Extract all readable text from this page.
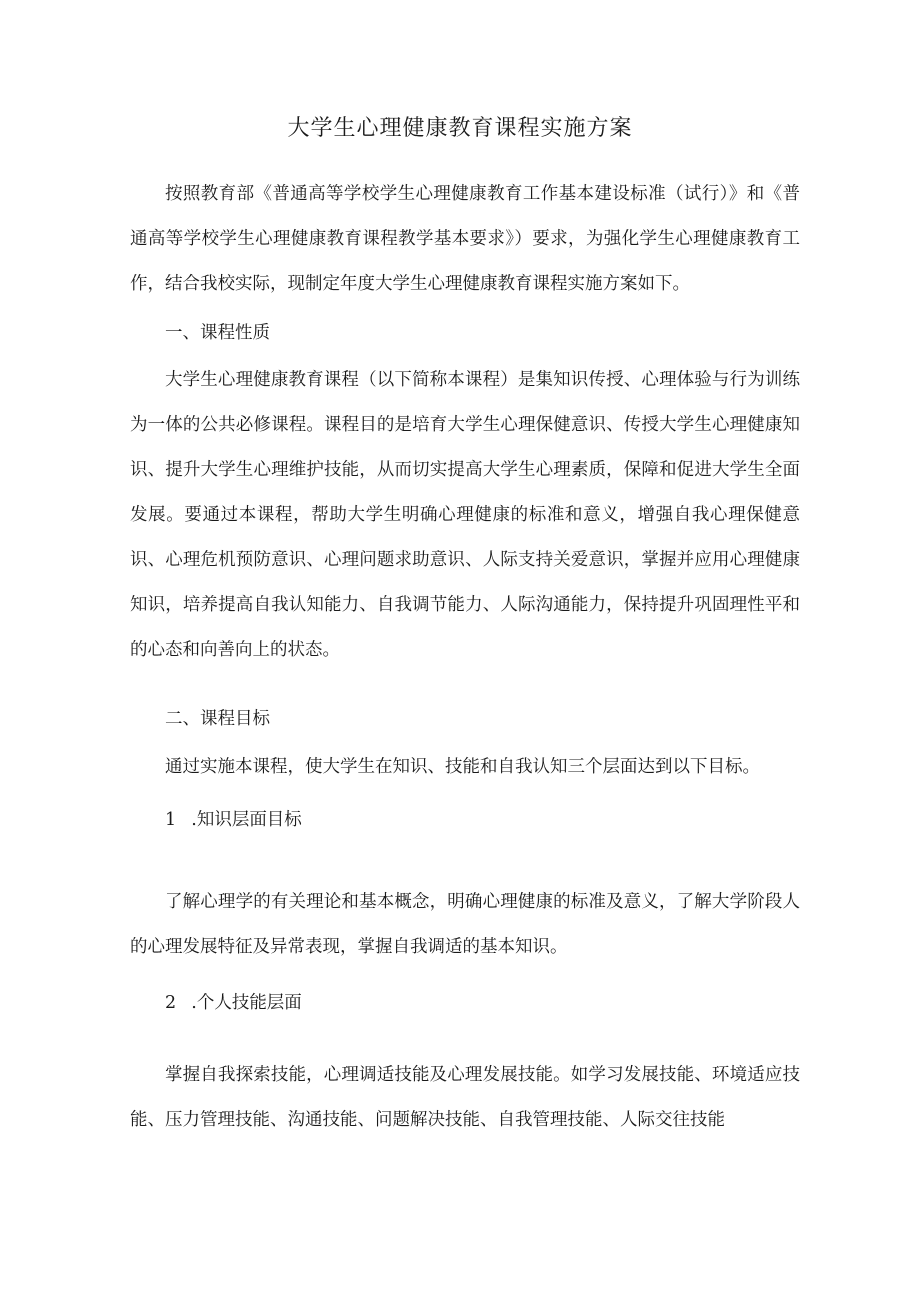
大学生心理健康教育课程实施方案
按照教育部《普通高等学校学生心理健康教育工作基本建设标准（试行）》和《普通高等学校学生心理健康教育课程教学基本要求》）要求，为强化学生心理健康教育工作，结合我校实际，现制定年度大学生心理健康教育课程实施方案如下。
一、课程性质
大学生心理健康教育课程（以下简称本课程）是集知识传授、心理体验与行为训练为一体的公共必修课程。课程目的是培育大学生心理保健意识、传授大学生心理健康知识、提升大学生心理维护技能，从而切实提高大学生心理素质，保障和促进大学生全面发展。要通过本课程，帮助大学生明确心理健康的标准和意义，增强自我心理保健意识、心理危机预防意识、心理问题求助意识、人际支持关爱意识，掌握并应用心理健康知识，培养提高自我认知能力、自我调节能力、人际沟通能力，保持提升巩固理性平和的心态和向善向上的状态。
二、课程目标
通过实施本课程，使大学生在知识、技能和自我认知三个层面达到以下目标。
1 .知识层面目标
了解心理学的有关理论和基本概念，明确心理健康的标准及意义，了解大学阶段人的心理发展特征及异常表现，掌握自我调适的基本知识。
2 .个人技能层面
掌握自我探索技能，心理调适技能及心理发展技能。如学习发展技能、环境适应技能、压力管理技能、沟通技能、问题解决技能、自我管理技能、人际交往技能
